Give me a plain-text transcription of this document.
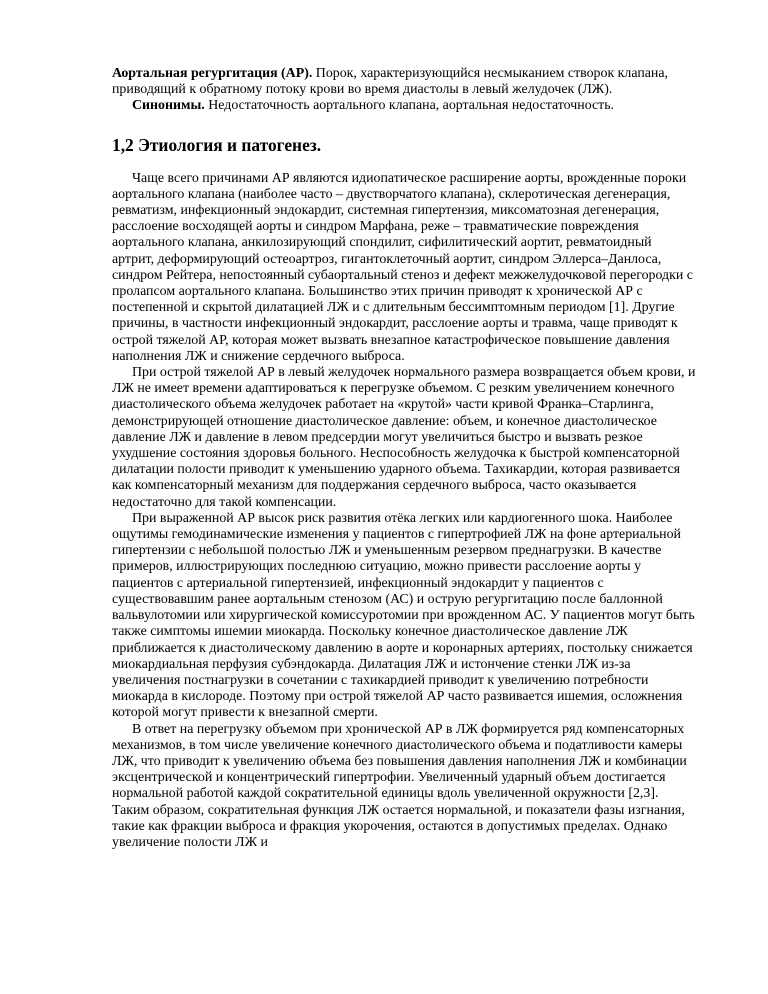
Аортальная регургитация (АР). Порок, характеризующийся несмыканием створок клапана, приводящий к обратному потоку крови во время диастолы в левый желудочек (ЛЖ).

Синонимы. Недостаточность аортального клапана, аортальная недостаточность.

1,2 Этиология и патогенез.

Чаще всего причинами АР являются идиопатическое расширение аорты, врожденные пороки аортального клапана (наиболее часто – двустворчатого клапана), склеротическая дегенерация, ревматизм, инфекционный эндокардит, системная гипертензия, миксоматозная дегенерация, расслоение восходящей аорты и синдром Марфана, реже – травматические повреждения аортального клапана, анкилозирующий спондилит, сифилитический аортит, ревматоидный артрит, деформирующий остеоартроз, гигантоклеточный аортит, синдром Эллерса–Данлоса, синдром Рейтера, непостоянный субаортальный стеноз и дефект межжелудочковой перегородки с пролапсом аортального клапана. Большинство этих причин приводят к хронической АР с постепенной и скрытой дилатацией ЛЖ и с длительным бессимптомным периодом [1]. Другие причины, в частности инфекционный эндокардит, расслоение аорты и травма, чаще приводят к острой тяжелой АР, которая может вызвать внезапное катастрофическое повышение давления наполнения ЛЖ и снижение сердечного выброса.

При острой тяжелой АР в левый желудочек нормального размера возвращается объем крови, и ЛЖ не имеет времени адаптироваться к перегрузке объемом. С резким увеличением конечного диастолического объема желудочек работает на «крутой» части кривой Франка–Старлинга, демонстрирующей отношение диастолическое давление: объем, и конечное диастолическое давление ЛЖ и давление в левом предсердии могут увеличиться быстро и вызвать резкое ухудшение состояния здоровья больного. Неспособность желудочка к быстрой компенсаторной дилатации полости приводит к уменьшению ударного объема. Тахикардии, которая развивается как компенсаторный механизм для поддержания сердечного выброса, часто оказывается недостаточно для такой компенсации.

При выраженной АР высок риск развития отёка легких или кардиогенного шока. Наиболее ощутимы гемодинамические изменения у пациентов с гипертрофией ЛЖ на фоне артериальной гипертензии с небольшой полостью ЛЖ и уменьшенным резервом преднагрузки. В качестве примеров, иллюстрирующих последнюю ситуацию, можно привести расслоение аорты у пациентов с артериальной гипертензией, инфекционный эндокардит у пациентов с существовавшим ранее аортальным стенозом (АС) и острую регургитацию после баллонной вальвулотомии или хирургической комиссуротомии при врожденном АС. У пациентов могут быть также симптомы ишемии миокарда. Поскольку конечное диастолическое давление ЛЖ приближается к диастолическому давлению в аорте и коронарных артериях, постольку снижается миокардиальная перфузия субэндокарда. Дилатация ЛЖ и истончение стенки ЛЖ из-за увеличения постнагрузки в сочетании с тахикардией приводит к увеличению потребности миокарда в кислороде. Поэтому при острой тяжелой АР часто развивается ишемия, осложнения которой могут привести к внезапной смерти.

В ответ на перегрузку объемом при хронической АР в ЛЖ формируется ряд компенсаторных механизмов, в том числе увеличение конечного диастолического объема и податливости камеры ЛЖ, что приводит к увеличению объема без повышения давления наполнения ЛЖ и комбинации эксцентрической и концентрический гипертрофии. Увеличенный ударный объем достигается нормальной работой каждой сократительной единицы вдоль увеличенной окружности [2,3]. Таким образом, сократительная функция ЛЖ остается нормальной, и показатели фазы изгнания, такие как фракции выброса и фракция укорочения, остаются в допустимых пределах. Однако увеличение полости ЛЖ и
